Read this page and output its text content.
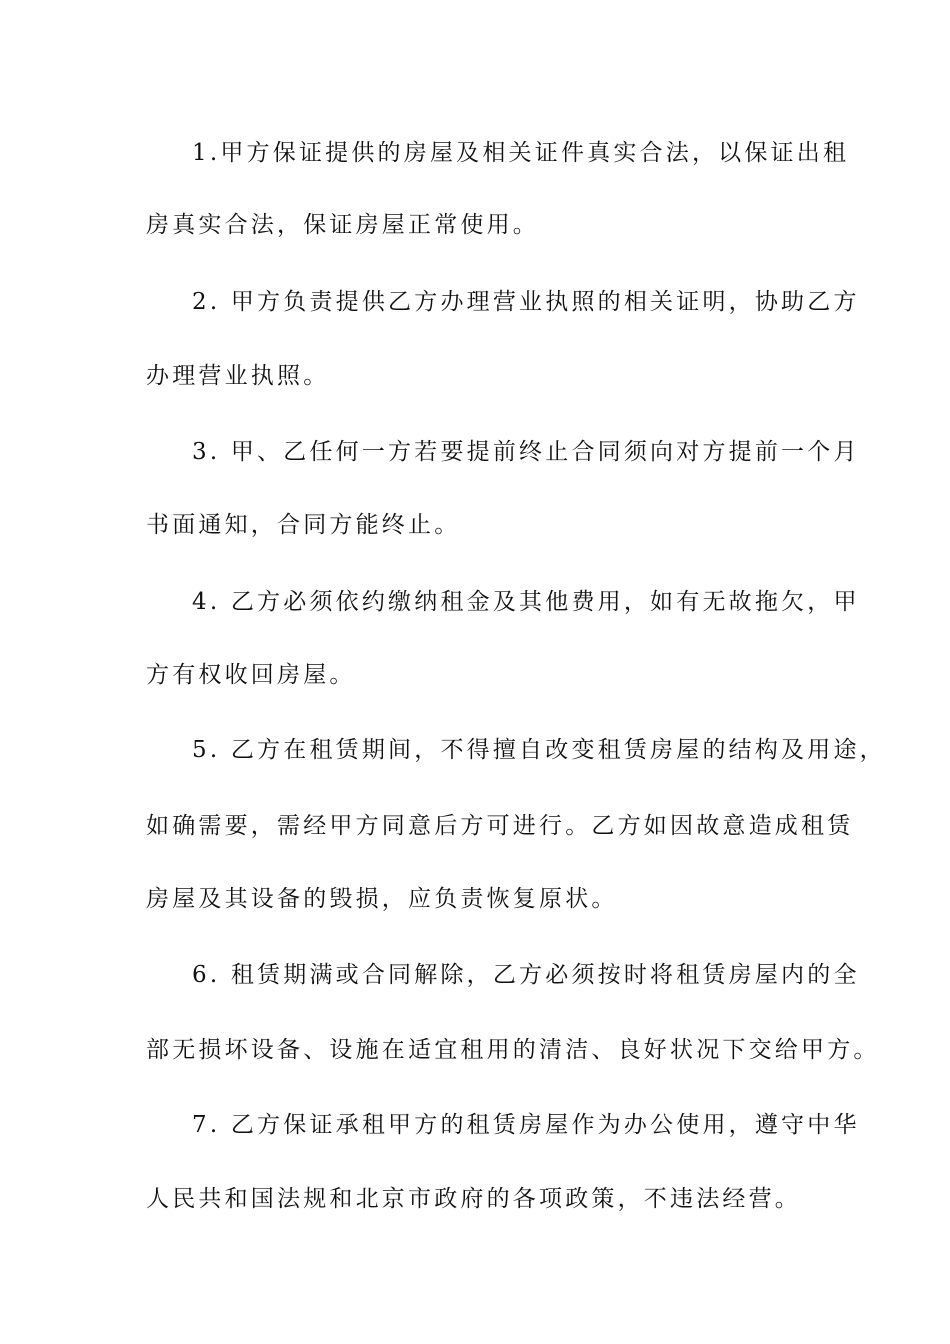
1.甲方保证提供的房屋及相关证件真实合法，以保证出租
房真实合法，保证房屋正常使用。
2. 甲方负责提供乙方办理营业执照的相关证明，协助乙方
办理营业执照。
3. 甲、乙任何一方若要提前终止合同须向对方提前一个月
书面通知，合同方能终止。
4. 乙方必须依约缴纳租金及其他费用，如有无故拖欠，甲
方有权收回房屋。
5. 乙方在租赁期间，不得擅自改变租赁房屋的结构及用途，
如确需要，需经甲方同意后方可进行。乙方如因故意造成租赁
房屋及其设备的毁损，应负责恢复原状。
6. 租赁期满或合同解除，乙方必须按时将租赁房屋内的全
部无损坏设备、设施在适宜租用的清洁、良好状况下交给甲方。
7. 乙方保证承租甲方的租赁房屋作为办公使用，遵守中华
人民共和国法规和北京市政府的各项政策，不违法经营。
